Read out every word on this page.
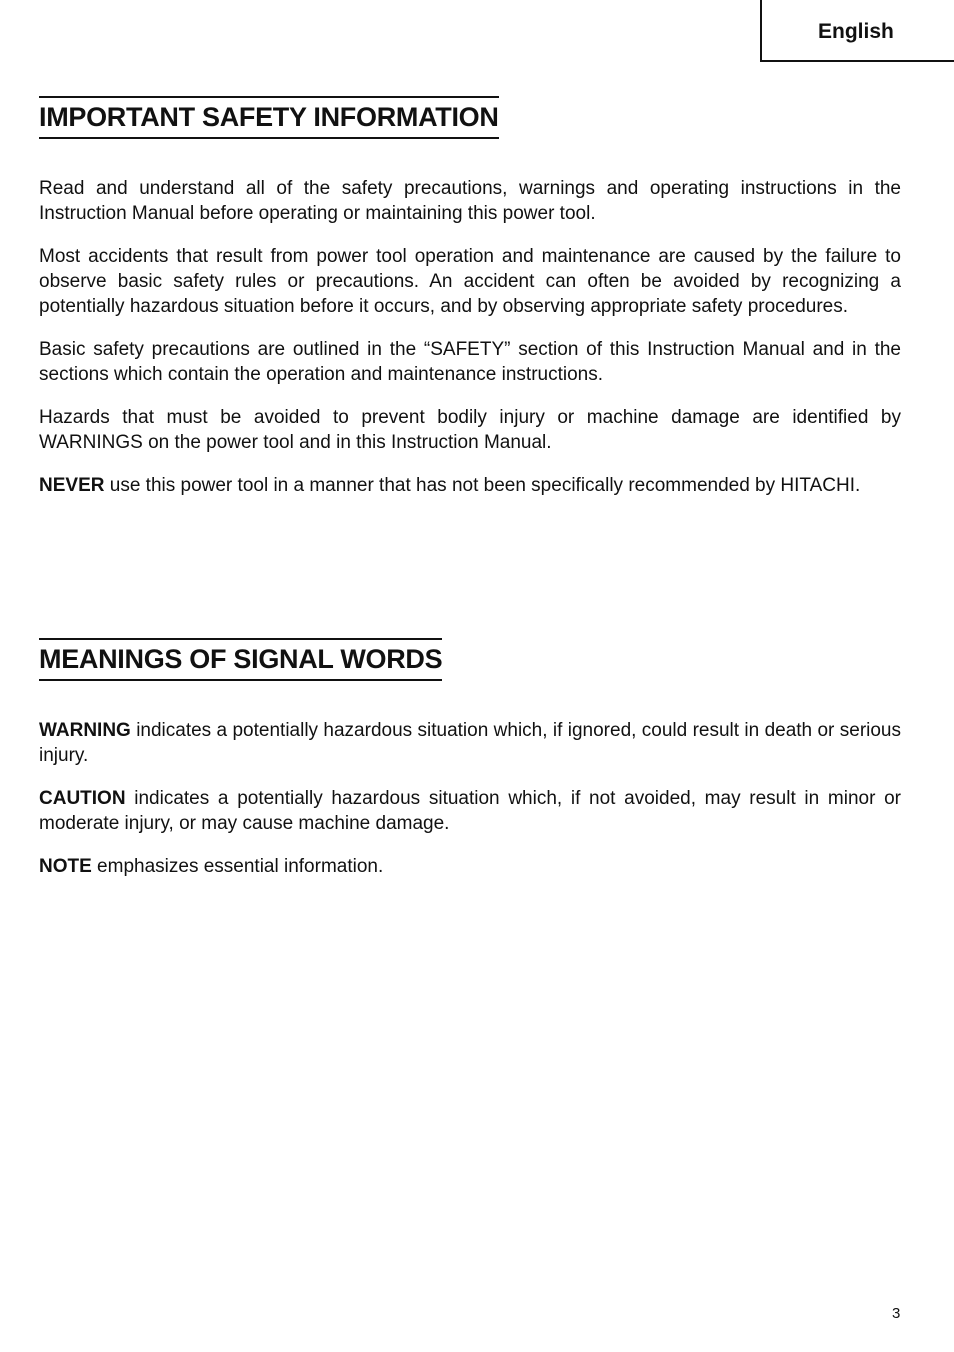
English
IMPORTANT SAFETY INFORMATION

Read and understand all of the safety precautions, warnings and operating instructions in the Instruction Manual before operating or maintaining this power tool.

Most accidents that result from power tool operation and maintenance are caused by the failure to observe basic safety rules or precautions. An accident can often be avoided by recognizing a potentially hazardous situation before it occurs, and by observing appropriate safety procedures.

Basic safety precautions are outlined in the “SAFETY” section of this Instruction Manual and in the sections which contain the operation and maintenance instructions.

Hazards that must be avoided to prevent bodily injury or machine damage are identified by WARNINGS on the power tool and in this Instruction Manual.

NEVER use this power tool in a manner that has not been specifically recommended by HITACHI.

MEANINGS OF SIGNAL WORDS

WARNING indicates a potentially hazardous situation which, if ignored, could result in death or serious injury.

CAUTION indicates a potentially hazardous situation which, if not avoided, may result in minor or moderate injury, or may cause machine damage.

NOTE emphasizes essential information.

3
